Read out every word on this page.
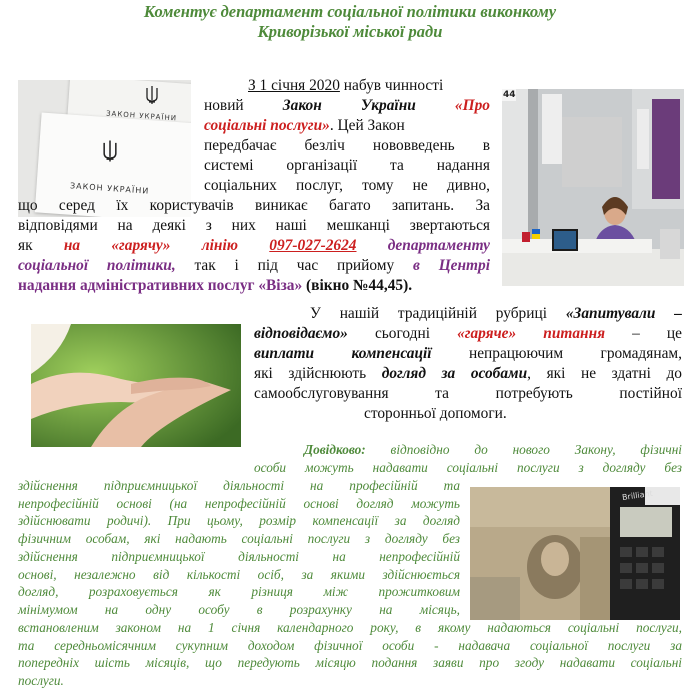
Коментує департамент соціальної політики виконкому
Криворізької міської ради
ЗАКОН УКРАЇНИ
ЗАКОН УКРАЇНИ
44
Brilliant
З 1 січня 2020 набув чинності
новий Закон України	«Про
соціальні послуги». Цей Закон
передбачає безліч нововведень в
системі організації та надання
соціальних послуг, тому не дивно,
що серед їх користувачів виникає багато запитань. За
відповідями на деякі з них наші мешканці звертаються
як на «гарячу» лінію 097-027-2624 департаменту
соціальної політики, так і під час прийому в Центрі
надання адміністративних послуг «Віза» (вікно №44,45).
У нашій традиційній рубриці «Запитували –
відповідаємо» сьогодні «гаряче» питання – це
виплати компенсації непрацюючим громадянам,
які здійснюють догляд за особами, які не здатні до
самообслуговування та потребують постійної
сторонньої допомоги.
Довідково: відповідно до нового Закону, фізичні
особи можуть надавати соціальні послуги з догляду без
здійснення підприємницької діяльності на професійній та
непрофесійній основі (на непрофесійній основі догляд можуть
здійснювати родичі). При цьому, розмір компенсації за догляд
фізичним особам, які надають соціальні послуги з догляду без
здійснення підприємницької діяльності на непрофесійній
основі, незалежно від кількості осіб, за якими здійснюється
догляд, розраховується як різниця між прожитковим
мінімумом на одну особу в розрахунку на місяць,
встановленим законом на 1 січня календарного року, в якому надаються соціальні послуги,
та середньомісячним сукупним доходом фізичної особи - надавача соціальної послуги за
попередніх шість місяців, що передують місяцю подання заяви про згоду надавати соціальні
послуги.
